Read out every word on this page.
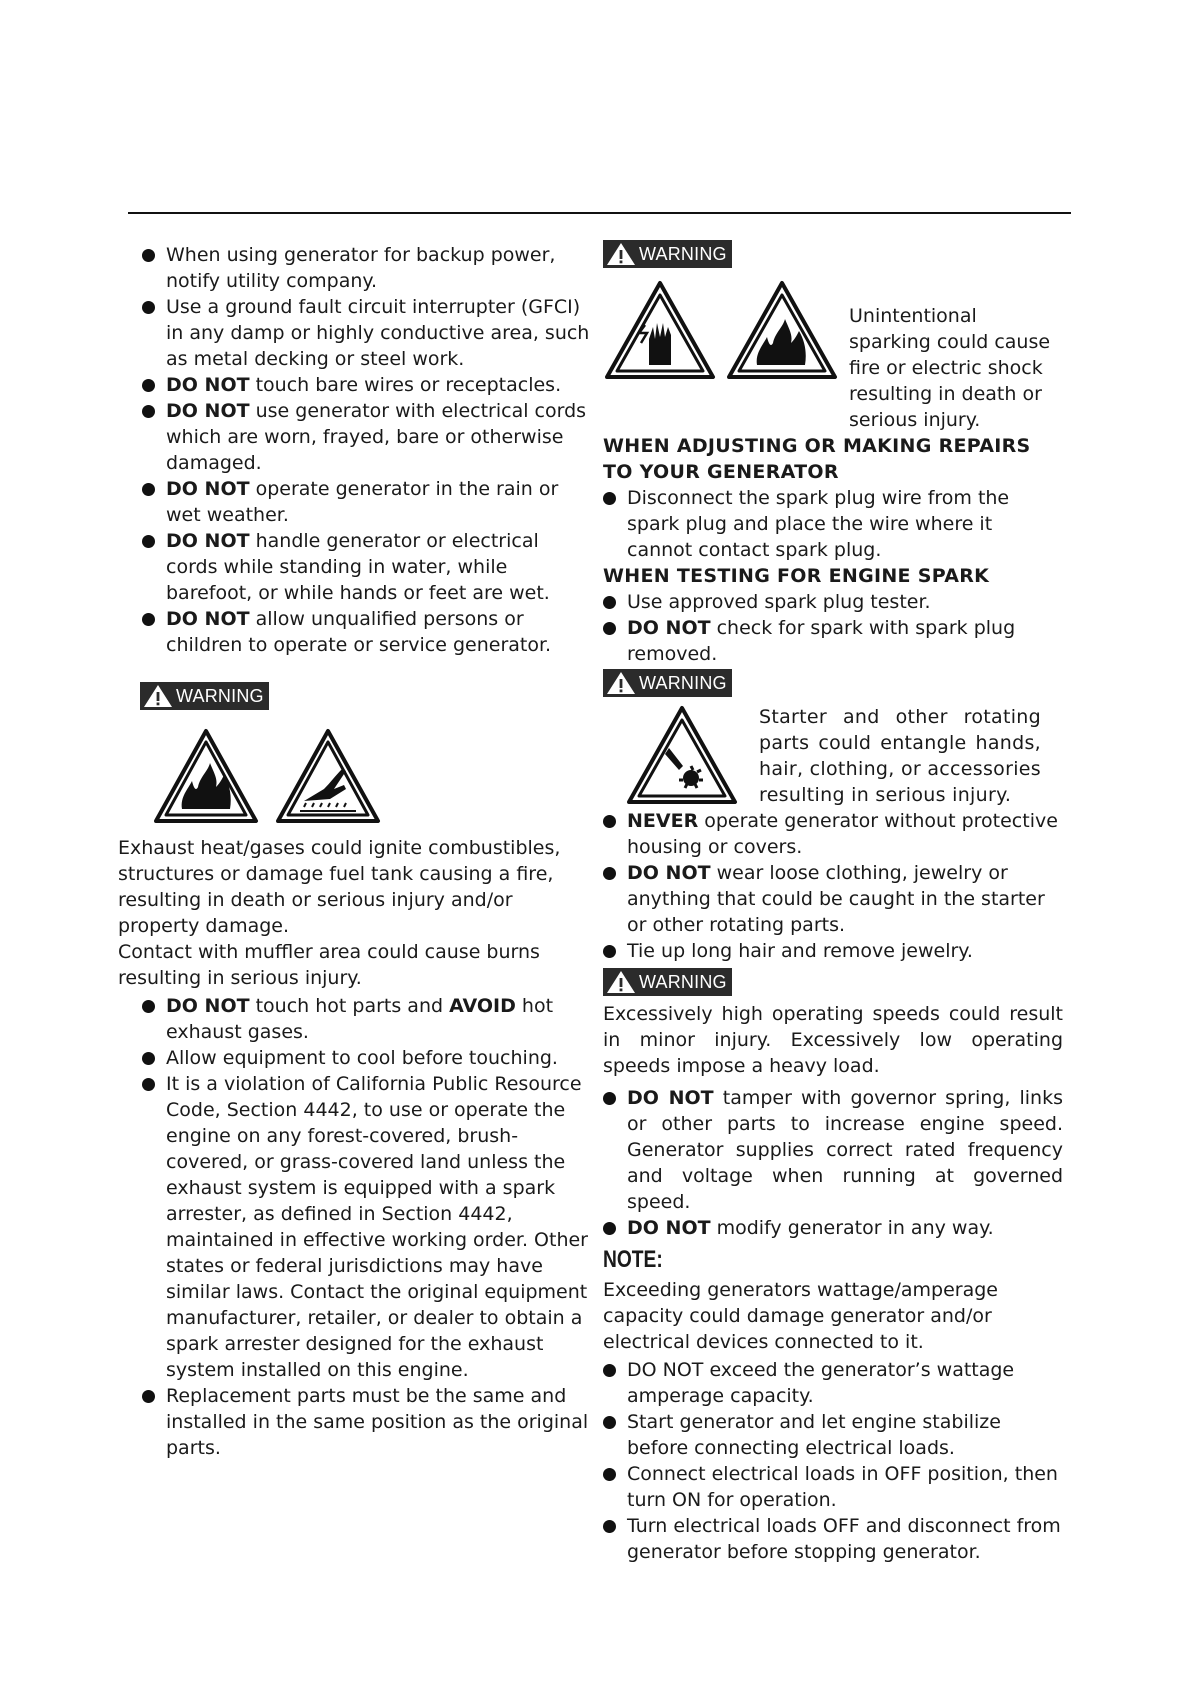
When using generator for backup power, notify utility company.
Use a ground fault circuit interrupter (GFCI) in any damp or highly conductive area, such as metal decking or steel work.
DO NOT touch bare wires or receptacles.
DO NOT use generator with electrical cords which are worn, frayed, bare or otherwise damaged.
DO NOT operate generator in the rain or wet weather.
DO NOT handle generator or electrical cords while standing in water, while barefoot, or while hands or feet are wet.
DO NOT allow unqualified persons or children to operate or service generator.
WARNING

Exhaust heat/gases could ignite combustibles, structures or damage fuel tank causing a fire, resulting in death or serious injury and/or property damage.

Contact with muffler area could cause burns resulting in serious injury.

DO NOT touch hot parts and AVOID hot exhaust gases.
Allow equipment to cool before touching.
It is a violation of California Public Resource Code, Section 4442, to use or operate the engine on any forest-covered, brush-covered, or grass-covered land unless the exhaust system is equipped with a spark arrester, as defined in Section 4442, maintained in effective working order. Other states or federal jurisdictions may have similar laws. Contact the original equipment manufacturer, retailer, or dealer to obtain a spark arrester designed for the exhaust system installed on this engine.
Replacement parts must be the same and installed in the same position as the original parts.
WARNING

Unintentional sparking could cause fire or electric shock resulting in death or serious injury.

WHEN ADJUSTING OR MAKING REPAIRS TO YOUR GENERATOR

Disconnect the spark plug wire from the spark plug and place the wire where it cannot contact spark plug.

WHEN TESTING FOR ENGINE SPARK

Use approved spark plug tester.
DO NOT check for spark with spark plug removed.
WARNING

Starter and other rotating parts could entangle hands, hair, clothing, or accessories resulting in serious injury.

NEVER operate generator without protective housing or covers.
DO NOT wear loose clothing, jewelry or anything that could be caught in the starter or other rotating parts.
Tie up long hair and remove jewelry.
WARNING

Excessively high operating speeds could result in minor injury. Excessively low operating speeds impose a heavy load.

DO NOT tamper with governor spring, links or other parts to increase engine speed. Generator supplies correct rated frequency and voltage when running at governed speed.
DO NOT modify generator in any way.
NOTE:

Exceeding generators wattage/amperage capacity could damage generator and/or electrical devices connected to it.

DO NOT exceed the generator’s wattage amperage capacity.
Start generator and let engine stabilize before connecting electrical loads.
Connect electrical loads in OFF position, then turn ON for operation.
Turn electrical loads OFF and disconnect from generator before stopping generator.
